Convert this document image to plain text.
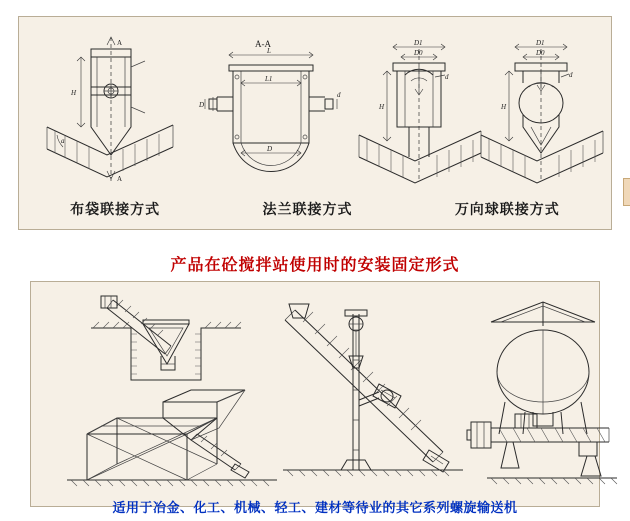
A
A
H
a
A-A
L
L1
D
d
D
D1
D0
d
H
D1
D0
d
H
布袋联接方式	法兰联接方式	万向球联接方式
产品在砼搅拌站使用时的安装固定形式
适用于冶金、化工、机械、轻工、建材等待业的其它系列螺旋输送机
